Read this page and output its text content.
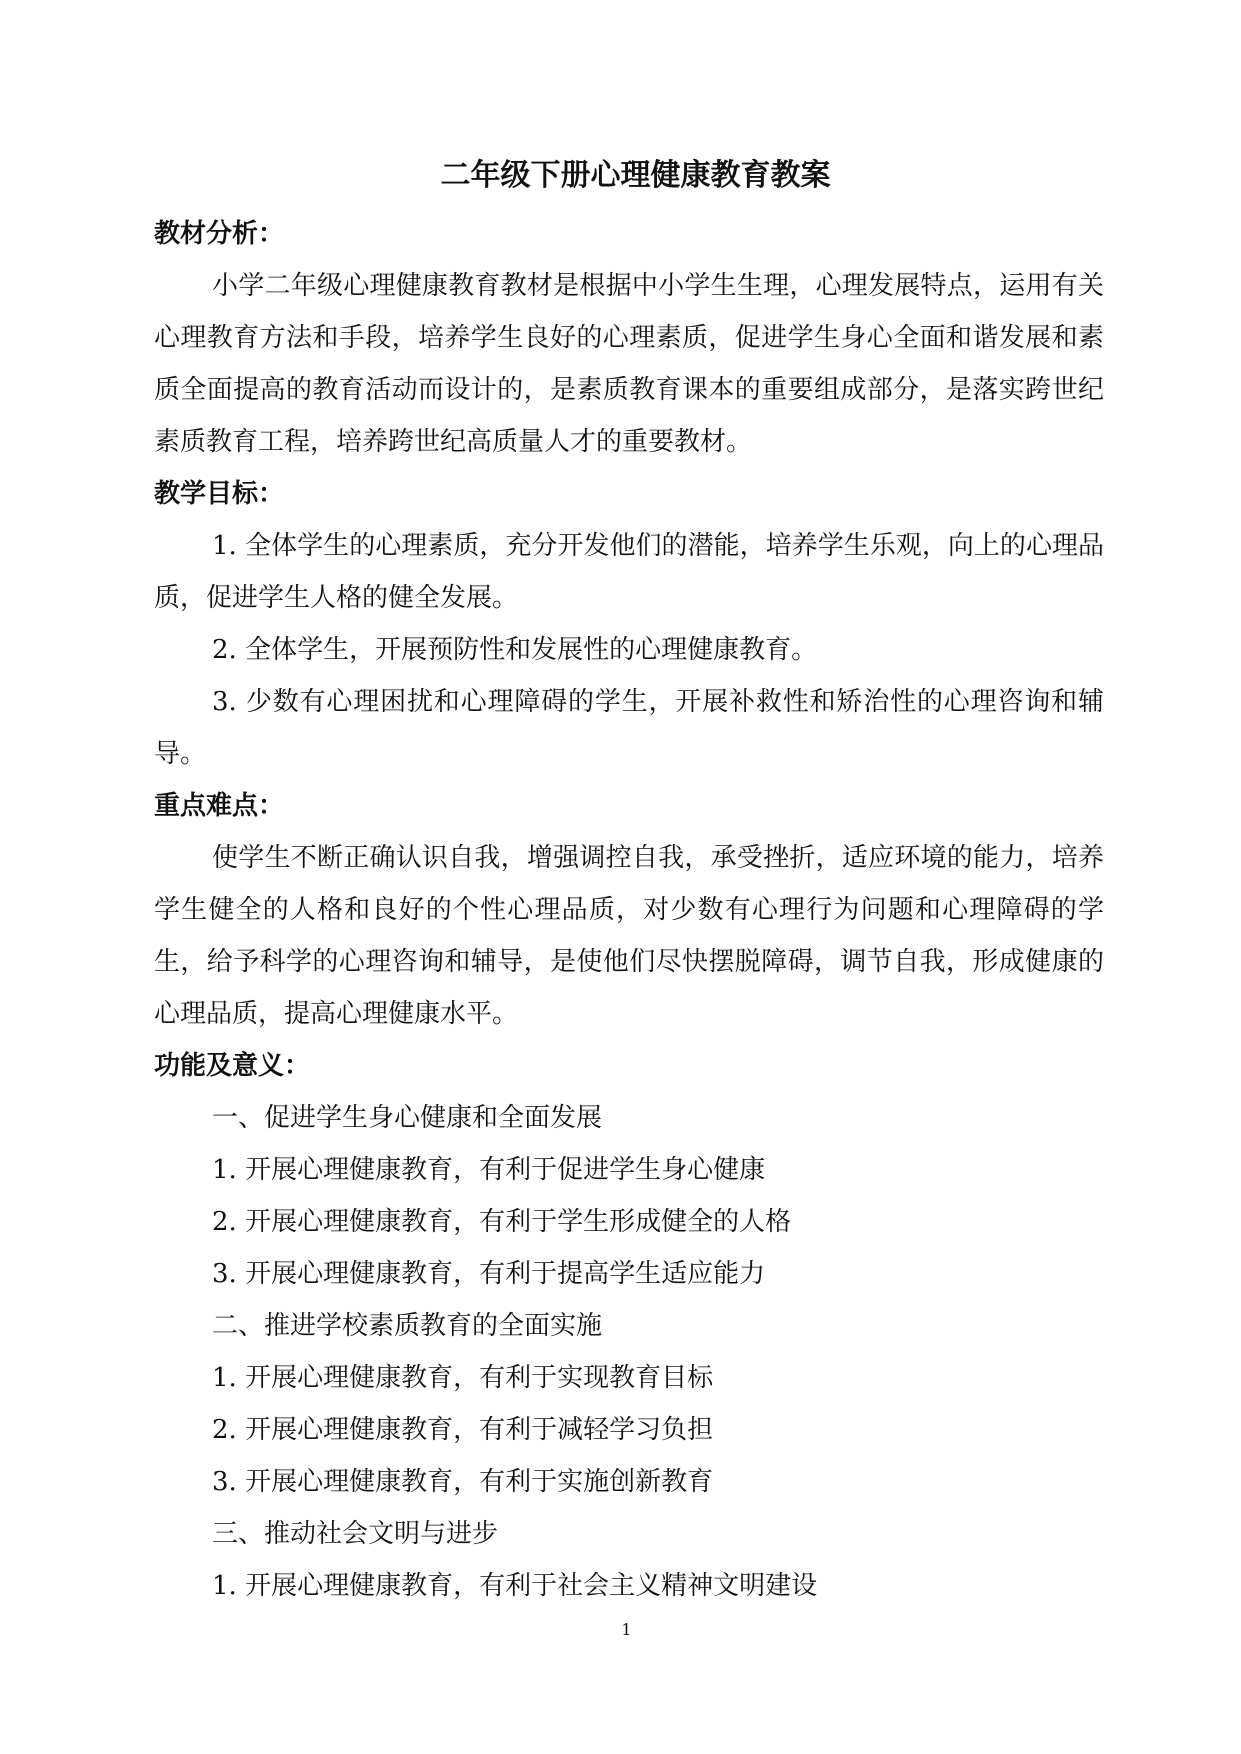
二年级下册心理健康教育教案
教材分析：

小学二年级心理健康教育教材是根据中小学生生理，心理发展特点，运用有关心理教育方法和手段，培养学生良好的心理素质，促进学生身心全面和谐发展和素质全面提高的教育活动而设计的，是素质教育课本的重要组成部分，是落实跨世纪素质教育工程，培养跨世纪高质量人才的重要教材。

教学目标：

1. 全体学生的心理素质，充分开发他们的潜能，培养学生乐观，向上的心理品质，促进学生人格的健全发展。

2. 全体学生，开展预防性和发展性的心理健康教育。

3. 少数有心理困扰和心理障碍的学生，开展补救性和矫治性的心理咨询和辅导。

重点难点：

使学生不断正确认识自我，增强调控自我，承受挫折，适应环境的能力，培养学生健全的人格和良好的个性心理品质，对少数有心理行为问题和心理障碍的学生，给予科学的心理咨询和辅导，是使他们尽快摆脱障碍，调节自我，形成健康的心理品质，提高心理健康水平。

功能及意义：

一、促进学生身心健康和全面发展

1. 开展心理健康教育，有利于促进学生身心健康

2. 开展心理健康教育，有利于学生形成健全的人格

3. 开展心理健康教育，有利于提高学生适应能力

二、推进学校素质教育的全面实施

1. 开展心理健康教育，有利于实现教育目标

2. 开展心理健康教育，有利于减轻学习负担

3. 开展心理健康教育，有利于实施创新教育

三、推动社会文明与进步

1. 开展心理健康教育，有利于社会主义精神文明建设

1
